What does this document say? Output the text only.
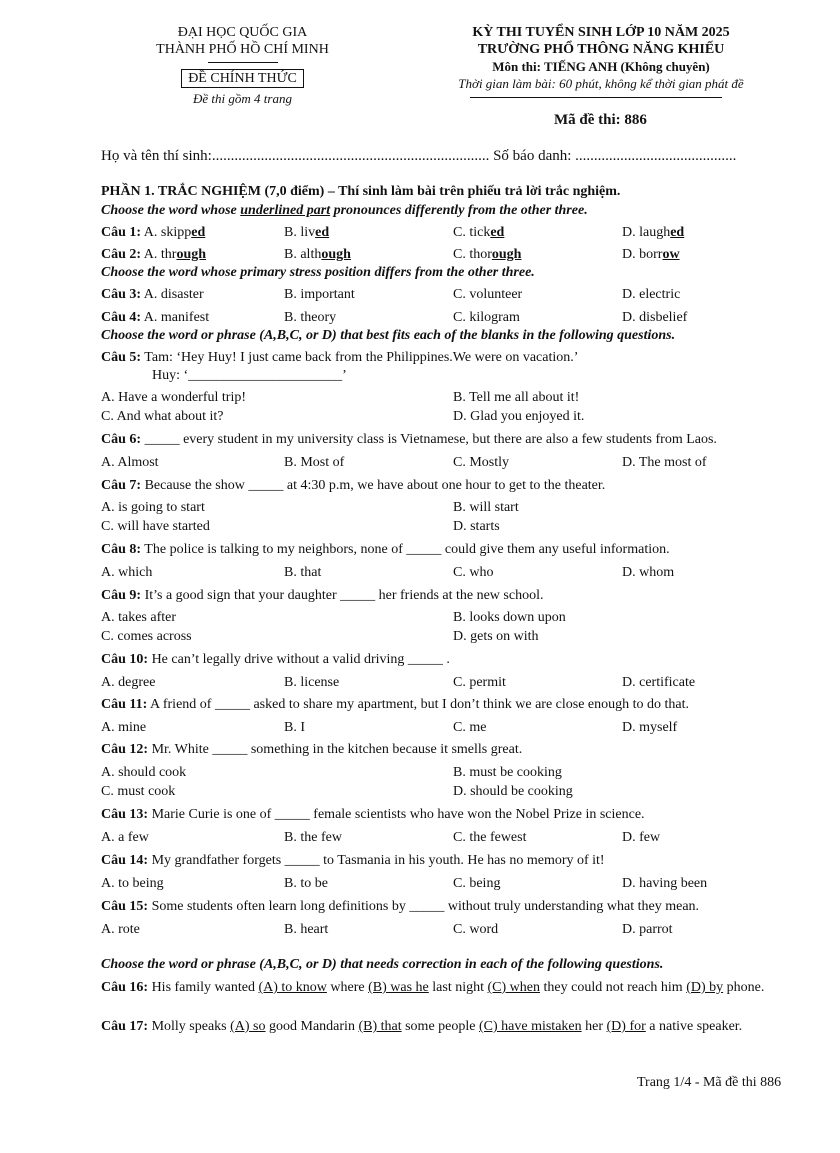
ĐẠI HỌC QUỐC GIA
THÀNH PHỐ HỒ CHÍ MINH
ĐỀ CHÍNH THỨC
Đề thi gồm 4 trang
KỲ THI TUYỂN SINH LỚP 10 NĂM 2025
TRƯỜNG PHỔ THÔNG NĂNG KHIẾU
Môn thi: TIẾNG ANH (Không chuyên)
Thời gian làm bài: 60 phút, không kể thời gian phát đề
Mã đề thi: 886
Họ và tên thí sinh:.......................................................................... Số báo danh: ...........................................
PHẦN 1. TRẮC NGHIỆM (7,0 điểm) – Thí sinh làm bài trên phiếu trả lời trắc nghiệm.
Choose the word whose underlined part pronounces differently from the other three.
Câu 1: A. skipped	B. lived	C. ticked	D. laughed
Câu 2: A. through	B. although	C. thorough	D. borrow
Choose the word whose primary stress position differs from the other three.
Câu 3: A. disaster	B. important	C. volunteer	D. electric
Câu 4: A. manifest	B. theory	C. kilogram	D. disbelief
Choose the word or phrase (A,B,C, or D) that best fits each of the blanks in the following questions.
Câu 5: Tam: ‘Hey Huy! I just came back from the Philippines.We were on vacation.’
Huy: ‘______________________’
A. Have a wonderful trip!	B. Tell me all about it!
C. And what about it?	D. Glad you enjoyed it.
Câu 6: _____ every student in my university class is Vietnamese, but there are also a few students from Laos.
A. Almost	B. Most of	C. Mostly	D. The most of
Câu 7: Because the show _____ at 4:30 p.m, we have about one hour to get to the theater.
A. is going to start	B. will start
C. will have started	D. starts
Câu 8: The police is talking to my neighbors, none of _____ could give them any useful information.
A. which	B. that	C. who	D. whom
Câu 9: It’s a good sign that your daughter _____ her friends at the new school.
A. takes after	B. looks down upon
C. comes across	D. gets on with
Câu 10: He can’t legally drive without a valid driving _____ .
A. degree	B. license	C. permit	D. certificate
Câu 11: A friend of _____ asked to share my apartment, but I don’t think we are close enough to do that.
A. mine	B. I	C. me	D. myself
Câu 12: Mr. White _____ something in the kitchen because it smells great.
A. should cook	B. must be cooking
C. must cook	D. should be cooking
Câu 13: Marie Curie is one of _____ female scientists who have won the Nobel Prize in science.
A. a few	B. the few	C. the fewest	D. few
Câu 14: My grandfather forgets _____ to Tasmania in his youth. He has no memory of it!
A. to being	B. to be	C. being	D. having been
Câu 15: Some students often learn long definitions by _____ without truly understanding what they mean.
A. rote	B. heart	C. word	D. parrot
Choose the word or phrase (A,B,C, or D) that needs correction in each of the following questions.
Câu 16: His family wanted (A) to know where (B) was he last night (C) when they could not reach him (D) by phone.
Câu 17: Molly speaks (A) so good Mandarin (B) that some people (C) have mistaken her (D) for a native speaker.
Trang 1/4 - Mã đề thi 886
